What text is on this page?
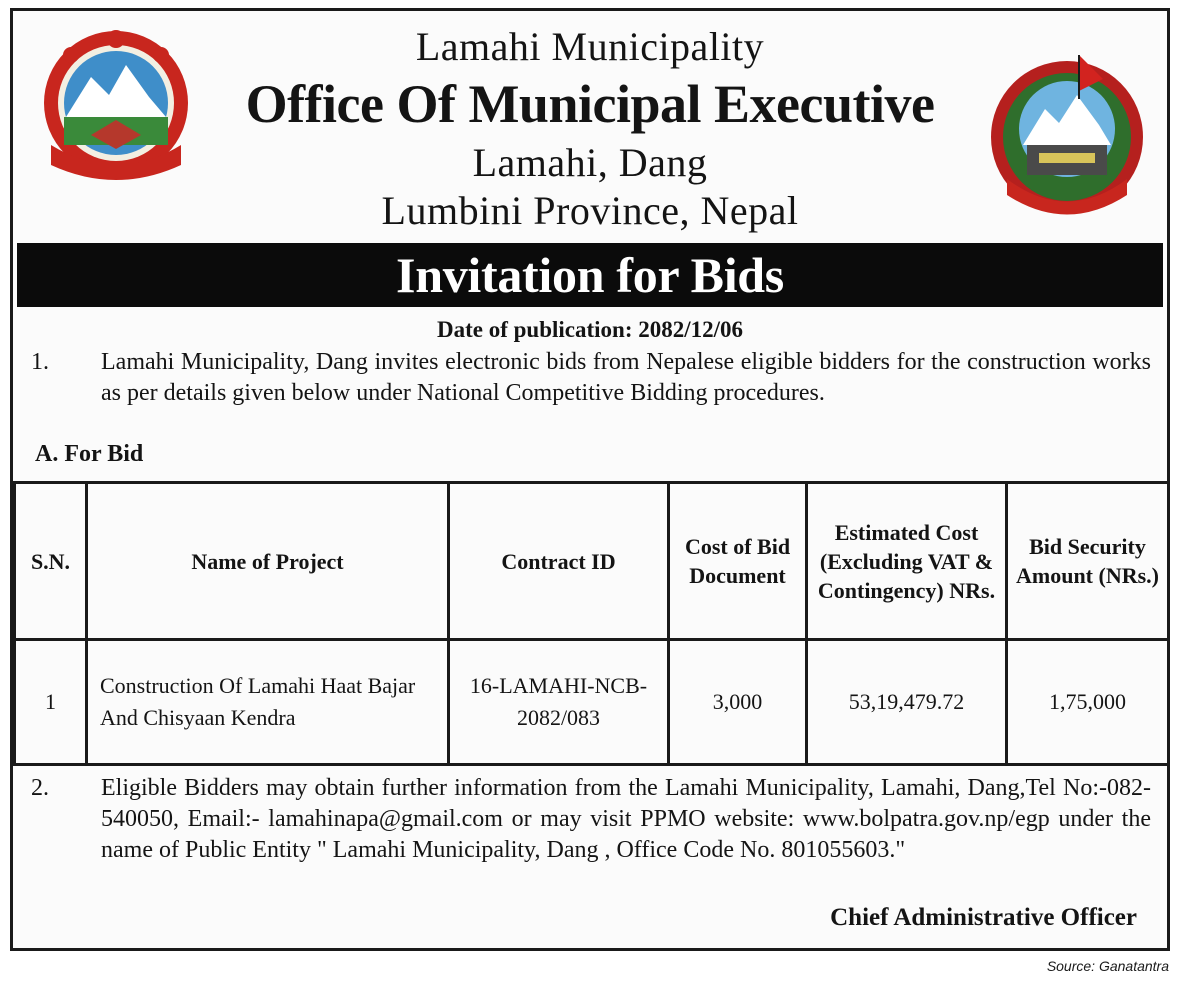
Lamahi Municipality
Office Of Municipal Executive
Lamahi, Dang
Lumbini Province, Nepal
Invitation for Bids
Date of publication: 2082/12/06
1. Lamahi Municipality, Dang invites electronic bids from Nepalese eligible bidders for the construction works as per details given below under National Competitive Bidding procedures.
A. For Bid
S.N.	Name of Project	Contract ID	Cost of Bid Document	Estimated Cost (Excluding VAT & Contingency) NRs.	Bid Security Amount (NRs.)
1	Construction Of Lamahi Haat Bajar And Chisyaan Kendra	16-LAMAHI-NCB-2082/083	3,000	53,19,479.72	1,75,000
2. Eligible Bidders may obtain further information from the Lamahi Municipality, Lamahi, Dang,Tel No:-082-540050, Email:- lamahinapa@gmail.com or may visit PPMO website: www.bolpatra.gov.np/egp under the name of Public Entity " Lamahi Municipality, Dang , Office Code No. 801055603."
Chief Administrative Officer
Source: Ganatantra
